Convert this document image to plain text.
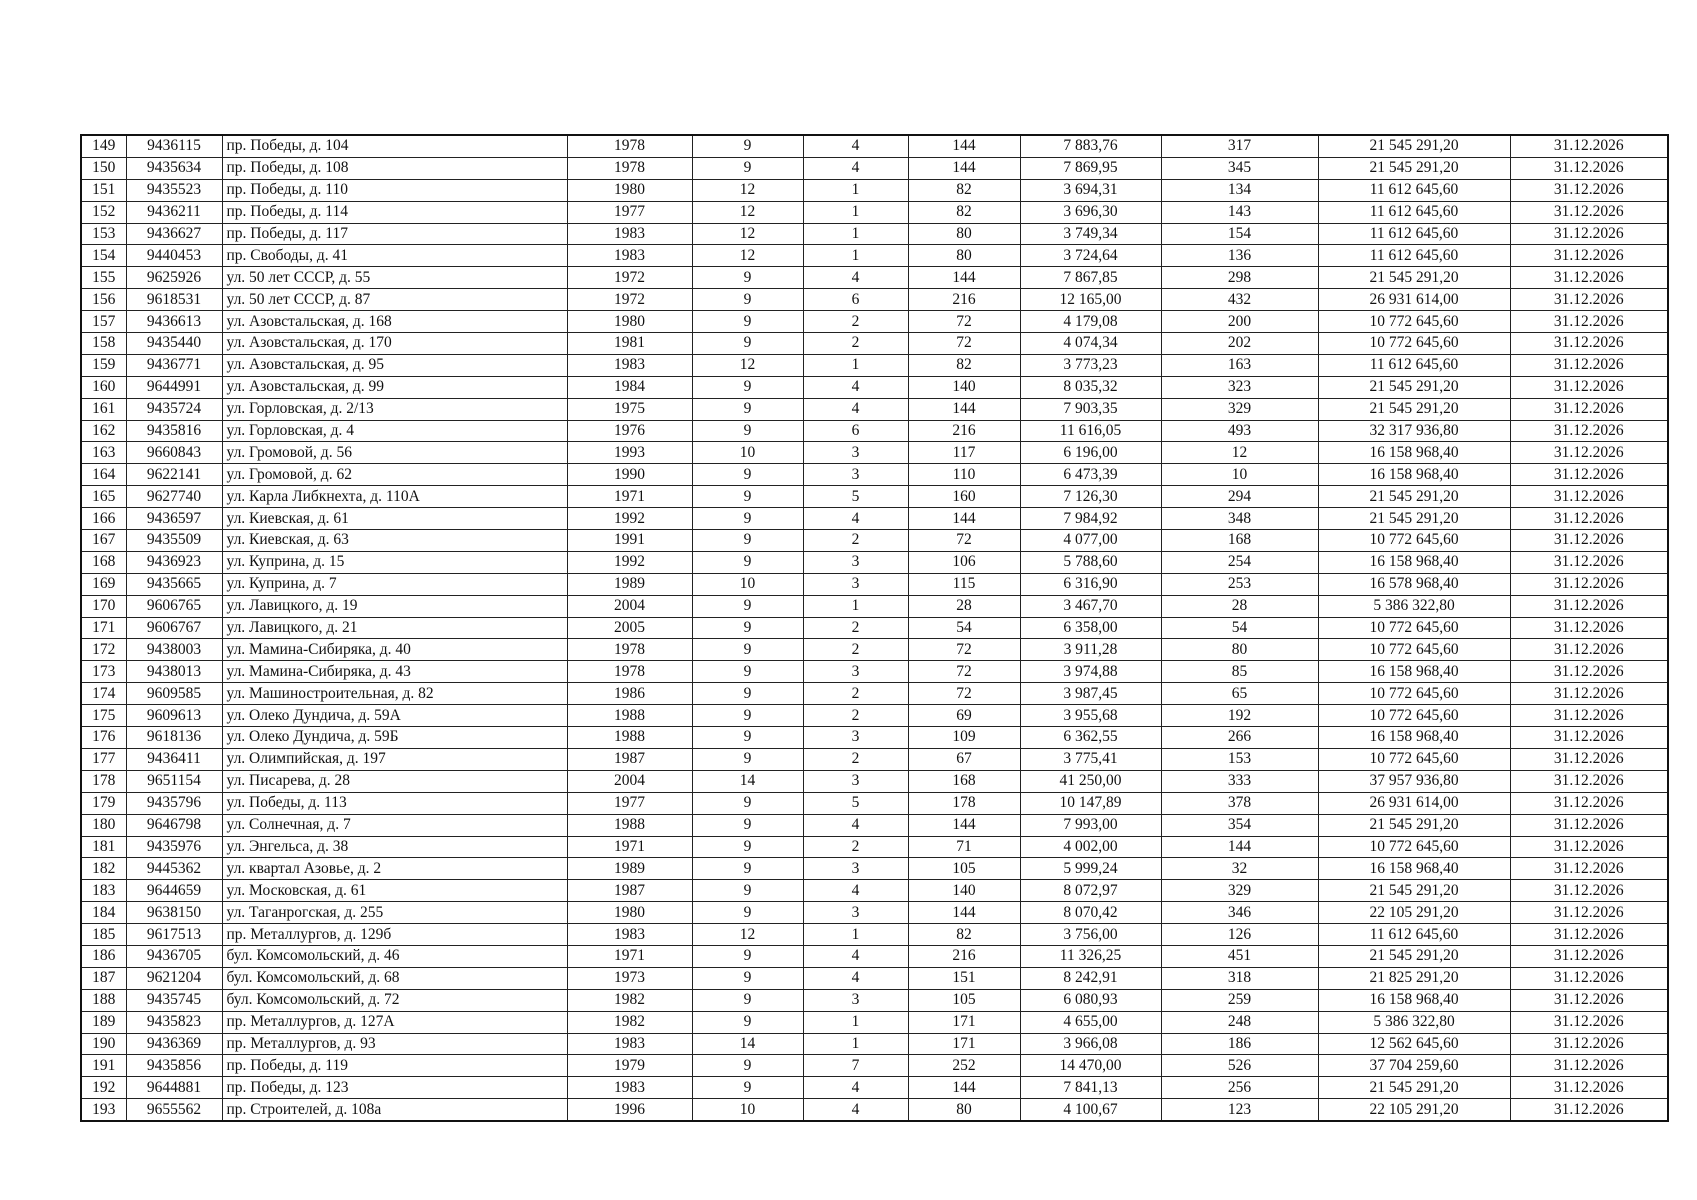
149	9436115	пр. Победы, д. 104	1978	9	4	144	7 883,76	317	21 545 291,20	31.12.2026
150	9435634	пр. Победы, д. 108	1978	9	4	144	7 869,95	345	21 545 291,20	31.12.2026
151	9435523	пр. Победы, д. 110	1980	12	1	82	3 694,31	134	11 612 645,60	31.12.2026
152	9436211	пр. Победы, д. 114	1977	12	1	82	3 696,30	143	11 612 645,60	31.12.2026
153	9436627	пр. Победы, д. 117	1983	12	1	80	3 749,34	154	11 612 645,60	31.12.2026
154	9440453	пр. Свободы, д. 41	1983	12	1	80	3 724,64	136	11 612 645,60	31.12.2026
155	9625926	ул. 50 лет СССР, д. 55	1972	9	4	144	7 867,85	298	21 545 291,20	31.12.2026
156	9618531	ул. 50 лет СССР, д. 87	1972	9	6	216	12 165,00	432	26 931 614,00	31.12.2026
157	9436613	ул. Азовстальская, д. 168	1980	9	2	72	4 179,08	200	10 772 645,60	31.12.2026
158	9435440	ул. Азовстальская, д. 170	1981	9	2	72	4 074,34	202	10 772 645,60	31.12.2026
159	9436771	ул. Азовстальская, д. 95	1983	12	1	82	3 773,23	163	11 612 645,60	31.12.2026
160	9644991	ул. Азовстальская, д. 99	1984	9	4	140	8 035,32	323	21 545 291,20	31.12.2026
161	9435724	ул. Горловская, д. 2/13	1975	9	4	144	7 903,35	329	21 545 291,20	31.12.2026
162	9435816	ул. Горловская, д. 4	1976	9	6	216	11 616,05	493	32 317 936,80	31.12.2026
163	9660843	ул. Громовой, д. 56	1993	10	3	117	6 196,00	12	16 158 968,40	31.12.2026
164	9622141	ул. Громовой, д. 62	1990	9	3	110	6 473,39	10	16 158 968,40	31.12.2026
165	9627740	ул. Карла Либкнехта, д. 110А	1971	9	5	160	7 126,30	294	21 545 291,20	31.12.2026
166	9436597	ул. Киевская, д. 61	1992	9	4	144	7 984,92	348	21 545 291,20	31.12.2026
167	9435509	ул. Киевская, д. 63	1991	9	2	72	4 077,00	168	10 772 645,60	31.12.2026
168	9436923	ул. Куприна, д. 15	1992	9	3	106	5 788,60	254	16 158 968,40	31.12.2026
169	9435665	ул. Куприна, д. 7	1989	10	3	115	6 316,90	253	16 578 968,40	31.12.2026
170	9606765	ул. Лавицкого, д. 19	2004	9	1	28	3 467,70	28	5 386 322,80	31.12.2026
171	9606767	ул. Лавицкого, д. 21	2005	9	2	54	6 358,00	54	10 772 645,60	31.12.2026
172	9438003	ул. Мамина-Сибиряка, д. 40	1978	9	2	72	3 911,28	80	10 772 645,60	31.12.2026
173	9438013	ул. Мамина-Сибиряка, д. 43	1978	9	3	72	3 974,88	85	16 158 968,40	31.12.2026
174	9609585	ул. Машиностроительная, д. 82	1986	9	2	72	3 987,45	65	10 772 645,60	31.12.2026
175	9609613	ул. Олеко Дундича, д. 59А	1988	9	2	69	3 955,68	192	10 772 645,60	31.12.2026
176	9618136	ул. Олеко Дундича, д. 59Б	1988	9	3	109	6 362,55	266	16 158 968,40	31.12.2026
177	9436411	ул. Олимпийская, д. 197	1987	9	2	67	3 775,41	153	10 772 645,60	31.12.2026
178	9651154	ул. Писарева, д. 28	2004	14	3	168	41 250,00	333	37 957 936,80	31.12.2026
179	9435796	ул. Победы, д. 113	1977	9	5	178	10 147,89	378	26 931 614,00	31.12.2026
180	9646798	ул. Солнечная, д. 7	1988	9	4	144	7 993,00	354	21 545 291,20	31.12.2026
181	9435976	ул. Энгельса, д. 38	1971	9	2	71	4 002,00	144	10 772 645,60	31.12.2026
182	9445362	ул. квартал Азовье, д. 2	1989	9	3	105	5 999,24	32	16 158 968,40	31.12.2026
183	9644659	ул. Московская, д. 61	1987	9	4	140	8 072,97	329	21 545 291,20	31.12.2026
184	9638150	ул. Таганрогская, д. 255	1980	9	3	144	8 070,42	346	22 105 291,20	31.12.2026
185	9617513	пр. Металлургов, д. 129б	1983	12	1	82	3 756,00	126	11 612 645,60	31.12.2026
186	9436705	бул. Комсомольский, д. 46	1971	9	4	216	11 326,25	451	21 545 291,20	31.12.2026
187	9621204	бул. Комсомольский, д. 68	1973	9	4	151	8 242,91	318	21 825 291,20	31.12.2026
188	9435745	бул. Комсомольский, д. 72	1982	9	3	105	6 080,93	259	16 158 968,40	31.12.2026
189	9435823	пр. Металлургов, д. 127А	1982	9	1	171	4 655,00	248	5 386 322,80	31.12.2026
190	9436369	пр. Металлургов, д. 93	1983	14	1	171	3 966,08	186	12 562 645,60	31.12.2026
191	9435856	пр. Победы, д. 119	1979	9	7	252	14 470,00	526	37 704 259,60	31.12.2026
192	9644881	пр. Победы, д. 123	1983	9	4	144	7 841,13	256	21 545 291,20	31.12.2026
193	9655562	пр. Строителей, д. 108а	1996	10	4	80	4 100,67	123	22 105 291,20	31.12.2026
